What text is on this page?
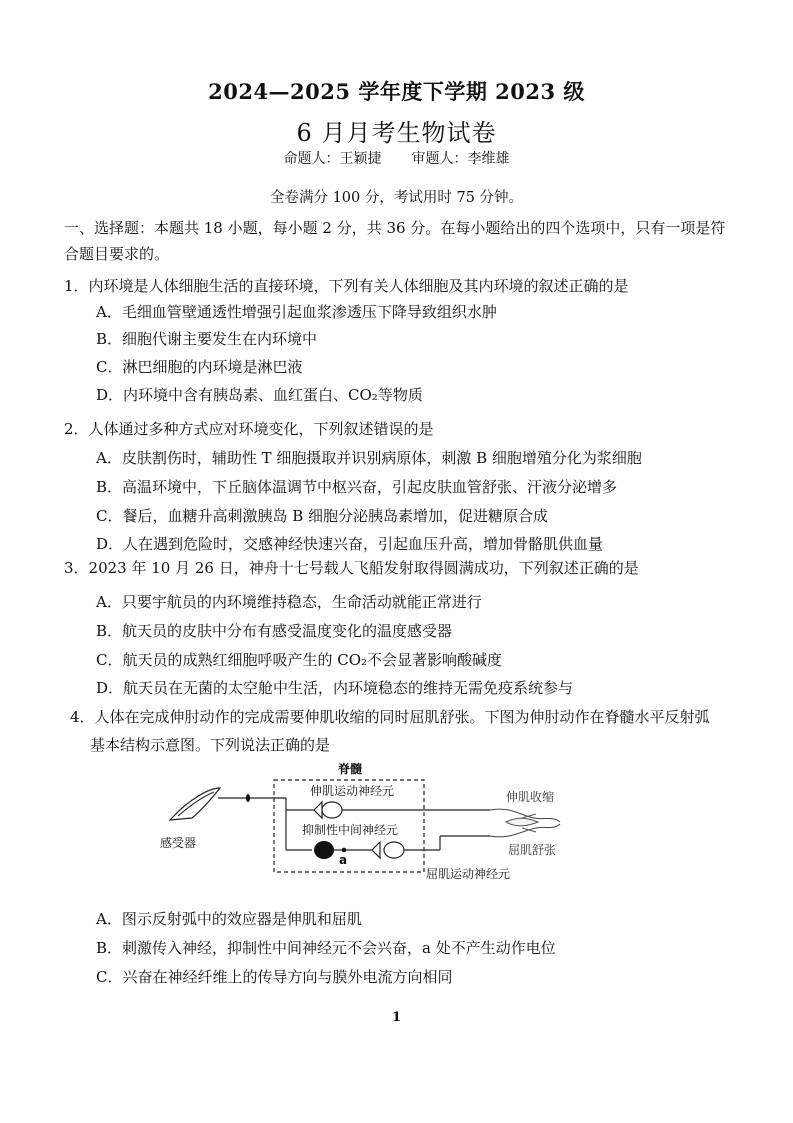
2024—2025 学年度下学期 2023 级
6 月月考生物试卷
命题人：王颖捷 审题人：李维雄
全卷满分 100 分，考试用时 75 分钟。
一、选择题：本题共 18 小题，每小题 2 分，共 36 分。在每小题给出的四个选项中，只有一项是符合题目要求的。
1．内环境是人体细胞生活的直接环境，下列有关人体细胞及其内环境的叙述正确的是
A．毛细血管壁通透性增强引起血浆渗透压下降导致组织水肿
B．细胞代谢主要发生在内环境中
C．淋巴细胞的内环境是淋巴液
D．内环境中含有胰岛素、血红蛋白、CO₂等物质
2．人体通过多种方式应对环境变化，下列叙述错误的是
A．皮肤割伤时，辅助性 T 细胞摄取并识别病原体，刺激 B 细胞增殖分化为浆细胞
B．高温环境中，下丘脑体温调节中枢兴奋，引起皮肤血管舒张、汗液分泌增多
C．餐后，血糖升高刺激胰岛 B 细胞分泌胰岛素增加，促进糖原合成
D．人在遇到危险时，交感神经快速兴奋，引起血压升高，增加骨骼肌供血量
3．2023 年 10 月 26 日，神舟十七号载人飞船发射取得圆满成功，下列叙述正确的是
A．只要宇航员的内环境维持稳态，生命活动就能正常进行
B．航天员的皮肤中分布有感受温度变化的温度感受器
C．航天员的成熟红细胞呼吸产生的 CO₂不会显著影响酸碱度
D．航天员在无菌的太空舱中生活，内环境稳态的维持无需免疫系统参与
4．人体在完成伸肘动作的完成需要伸肌收缩的同时屈肌舒张。下图为伸肘动作在脊髓水平反射弧
基本结构示意图。下列说法正确的是
脊髓
感受器
伸肌运动神经元
抑制性中间神经元
a
屈肌运动神经元
伸肌收缩
屈肌舒张
A．图示反射弧中的效应器是伸肌和屈肌
B．刺激传入神经，抑制性中间神经元不会兴奋，a 处不产生动作电位
C．兴奋在神经纤维上的传导方向与膜外电流方向相同
1
